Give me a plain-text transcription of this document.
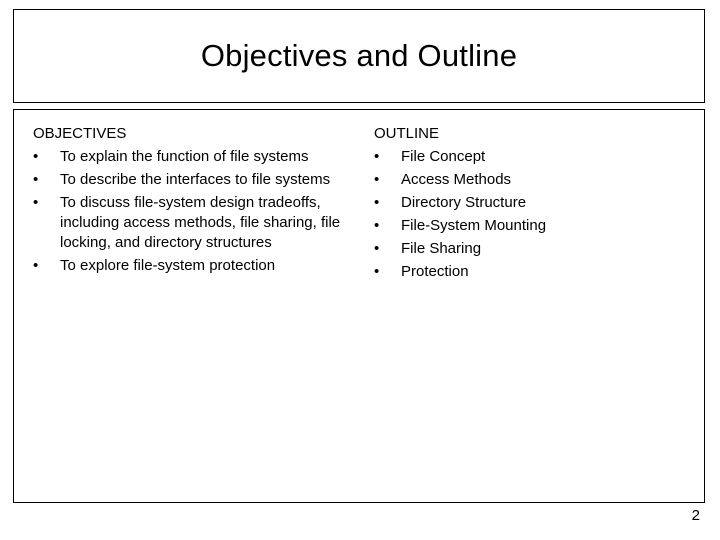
Objectives and Outline
OBJECTIVES
• To explain the function of file systems
• To describe the interfaces to file systems
• To discuss file-system design tradeoffs, including access methods, file sharing, file locking, and directory structures
• To explore file-system protection
OUTLINE
• File Concept
• Access Methods
• Directory Structure
• File-System Mounting
• File Sharing
• Protection
2
